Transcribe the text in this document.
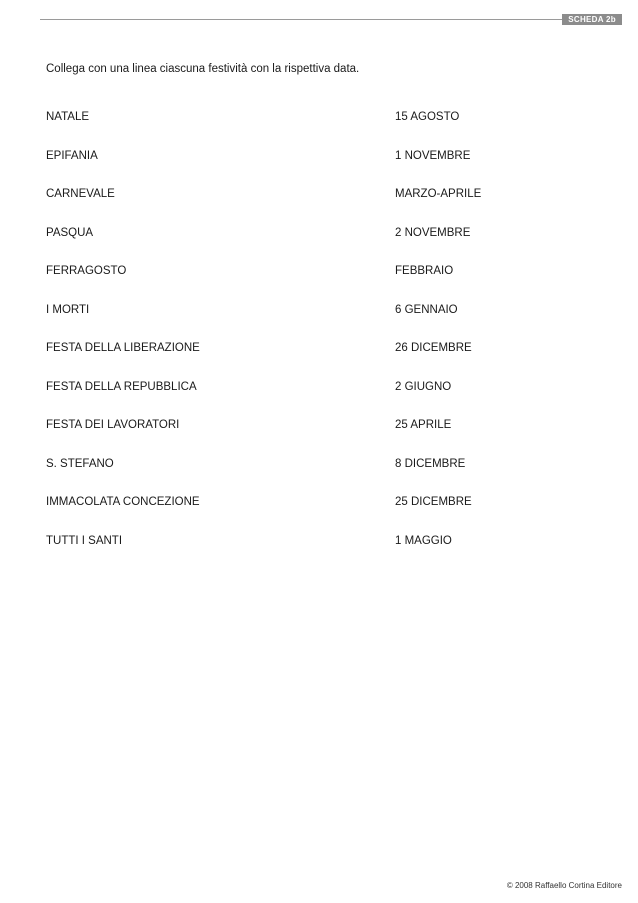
SCHEDA 2b
Collega con una linea ciascuna festività con la rispettiva data.
NATALE	15 AGOSTO
EPIFANIA	1 NOVEMBRE
CARNEVALE	MARZO-APRILE
PASQUA	2 NOVEMBRE
FERRAGOSTO	FEBBRAIO
I MORTI	6 GENNAIO
FESTA DELLA LIBERAZIONE	26 DICEMBRE
FESTA DELLA REPUBBLICA	2 GIUGNO
FESTA DEI LAVORATORI	25 APRILE
S. STEFANO	8 DICEMBRE
IMMACOLATA CONCEZIONE	25 DICEMBRE
TUTTI I SANTI	1 MAGGIO
© 2008 Raffaello Cortina Editore
